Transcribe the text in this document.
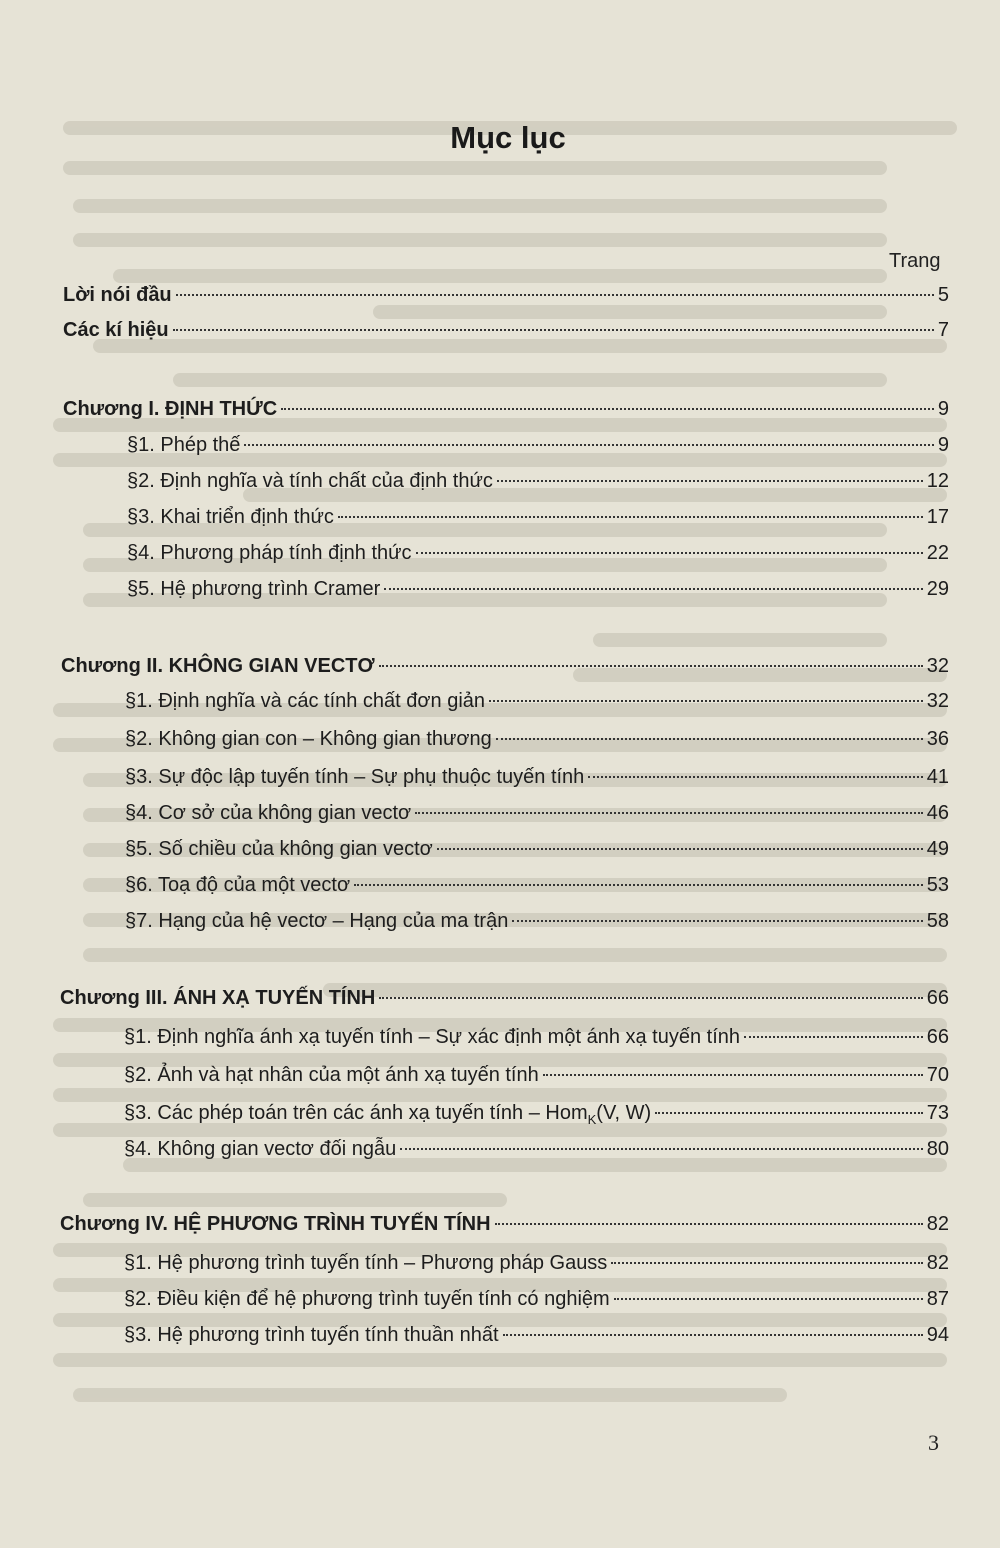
Mục lục
Trang
Lời nói đầu	5
Các kí hiệu	7
Chương I. ĐỊNH THỨC	9
§1. Phép thế	9
§2. Định nghĩa và tính chất của định thức	12
§3. Khai triển định thức	17
§4. Phương pháp tính định thức	22
§5. Hệ phương trình Cramer	29
Chương II. KHÔNG GIAN VECTƠ	32
§1. Định nghĩa và các tính chất đơn giản	32
§2. Không gian con – Không gian thương	36
§3. Sự độc lập tuyến tính – Sự phụ thuộc tuyến tính	41
§4. Cơ sở của không gian vectơ	46
§5. Số chiều của không gian vectơ	49
§6. Toạ độ của một vectơ	53
§7. Hạng của hệ vectơ – Hạng của ma trận	58
Chương III. ÁNH XẠ TUYẾN TÍNH	66
§1. Định nghĩa ánh xạ tuyến tính – Sự xác định một ánh xạ tuyến tính	66
§2. Ảnh và hạt nhân của một ánh xạ tuyến tính	70
§3. Các phép toán trên các ánh xạ tuyến tính – Hom$_K$(V, W)	73
§4. Không gian vectơ đối ngẫu	80
Chương IV. HỆ PHƯƠNG TRÌNH TUYẾN TÍNH	82
§1. Hệ phương trình tuyến tính – Phương pháp Gauss	82
§2. Điều kiện để hệ phương trình tuyến tính có nghiệm	87
§3. Hệ phương trình tuyến tính thuần nhất	94
3
